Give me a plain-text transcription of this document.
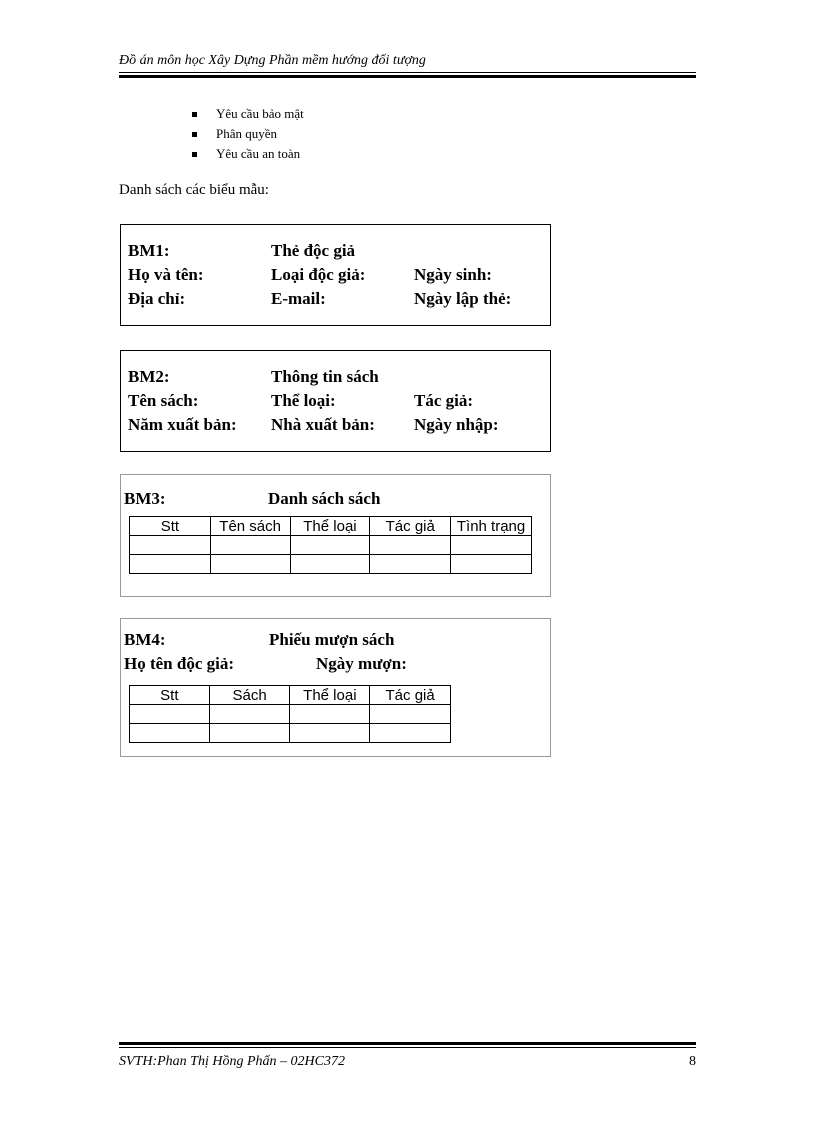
Đồ án môn học Xây Dựng Phần mềm hướng đối tượng
Yêu cầu bảo mật
Phân quyền
Yêu cầu an toàn
Danh sách các biểu mẫu:
BM1:	Thẻ độc giả
Họ và tên:	Loại độc giả:	Ngày sinh:
Địa chỉ:	E-mail:	Ngày lập thẻ:
BM2:	Thông tin sách
Tên sách:	Thể loại:	Tác giả:
Năm xuất bản: Nhà xuất bản: Ngày nhập:
BM3:	Danh sách sách
Stt	Tên sách	Thể loại	Tác giả	Tình trạng

BM4:	Phiếu mượn sách
Họ tên độc giả:	Ngày mượn:
Stt	Sách	Thể loại	Tác giả

SVTH:Phan Thị Hồng Phấn – 02HC372	8
